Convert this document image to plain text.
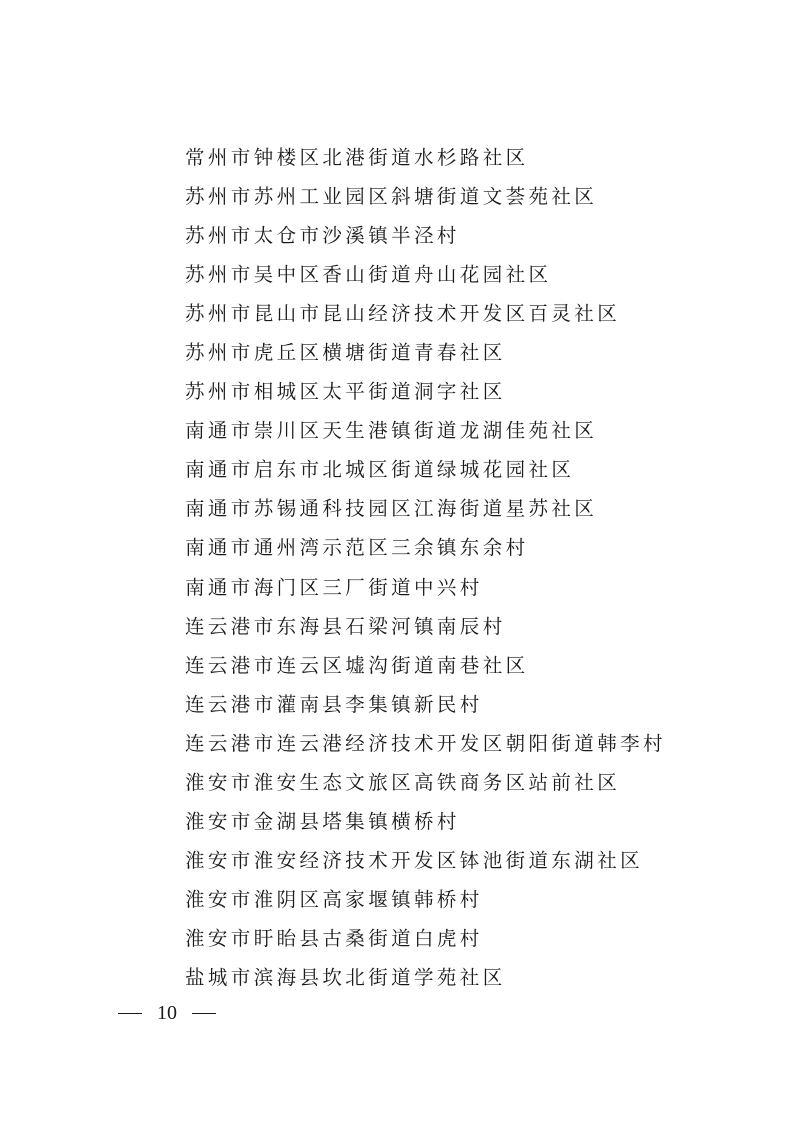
常州市钟楼区北港街道水杉路社区
苏州市苏州工业园区斜塘街道文荟苑社区
苏州市太仓市沙溪镇半泾村
苏州市吴中区香山街道舟山花园社区
苏州市昆山市昆山经济技术开发区百灵社区
苏州市虎丘区横塘街道青春社区
苏州市相城区太平街道洞字社区
南通市崇川区天生港镇街道龙湖佳苑社区
南通市启东市北城区街道绿城花园社区
南通市苏锡通科技园区江海街道星苏社区
南通市通州湾示范区三余镇东余村
南通市海门区三厂街道中兴村
连云港市东海县石梁河镇南辰村
连云港市连云区墟沟街道南巷社区
连云港市灌南县李集镇新民村
连云港市连云港经济技术开发区朝阳街道韩李村
淮安市淮安生态文旅区高铁商务区站前社区
淮安市金湖县塔集镇横桥村
淮安市淮安经济技术开发区钵池街道东湖社区
淮安市淮阴区高家堰镇韩桥村
淮安市盱眙县古桑街道白虎村
盐城市滨海县坎北街道学苑社区
10
